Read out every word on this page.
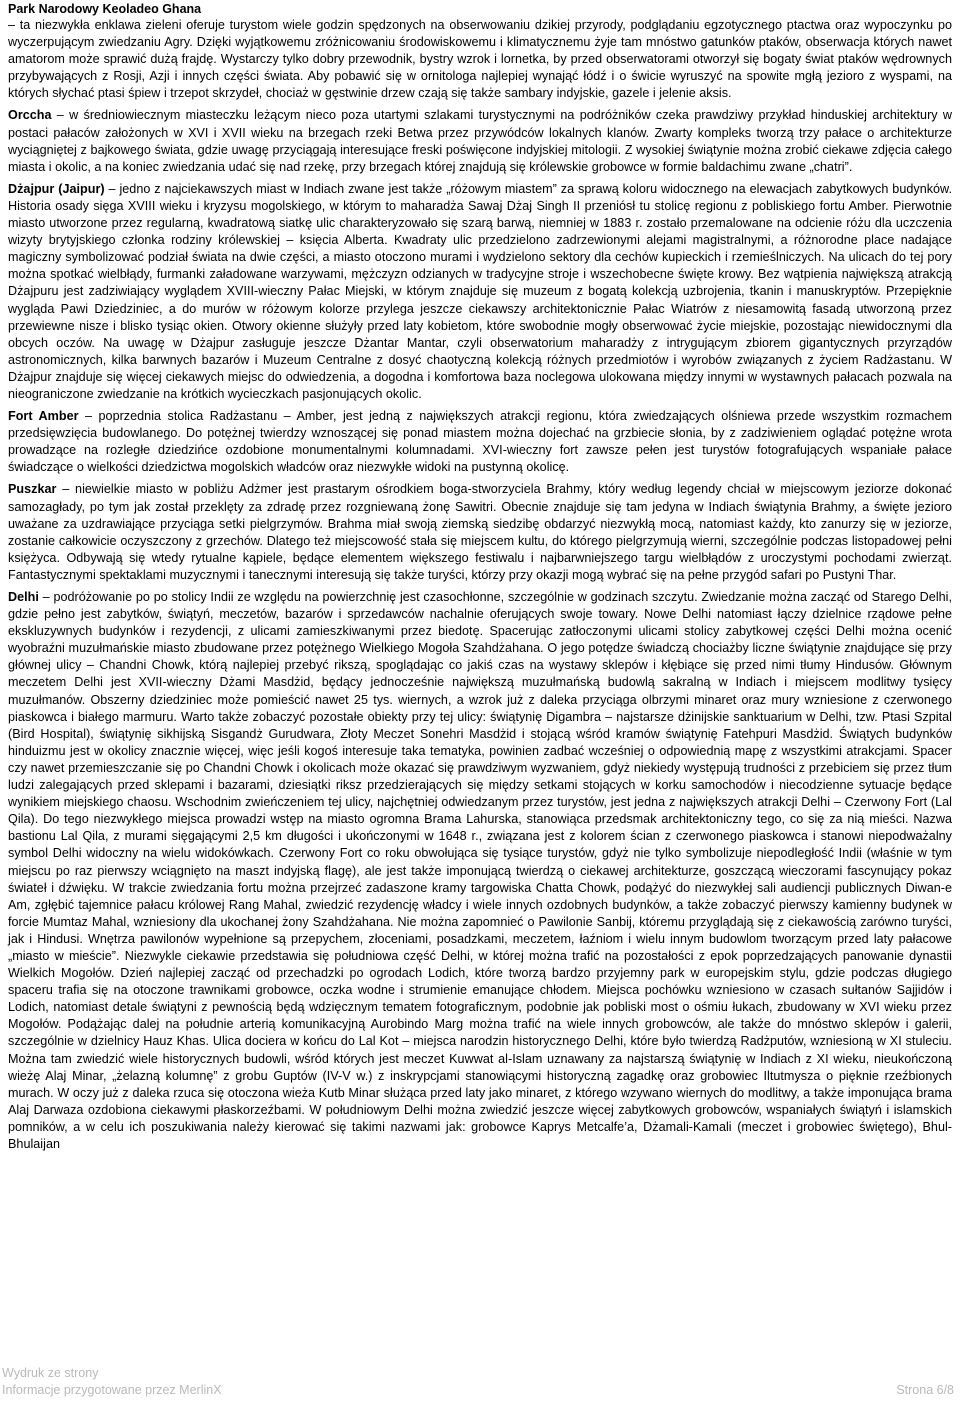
Park Narodowy Keoladeo Ghana

– ta niezwykła enklawa zieleni oferuje turystom wiele godzin spędzonych na obserwowaniu dzikiej przyrody, podglądaniu egzotycznego ptactwa oraz wypoczynku po wyczerpującym zwiedzaniu Agry. Dzięki wyjątkowemu zróżnicowaniu środowiskowemu i klimatycznemu żyje tam mnóstwo gatunków ptaków, obserwacja których nawet amatorom może sprawić dużą frajdę. Wystarczy tylko dobry przewodnik, bystry wzrok i lornetka, by przed obserwatorami otworzył się bogaty świat ptaków wędrownych przybywających z Rosji, Azji i innych części świata. Aby pobawić się w ornitologa najlepiej wynająć łódź i o świcie wyruszyć na spowite mgłą jezioro z wyspami, na których słychać ptasi śpiew i trzepot skrzydeł, chociaż w gęstwinie drzew czają się także sambary indyjskie, gazele i jelenie aksis.

Orccha – w średniowiecznym miasteczku leżącym nieco poza utartymi szlakami turystycznymi na podróżników czeka prawdziwy przykład hinduskiej architektury w postaci pałaców założonych w XVI i XVII wieku na brzegach rzeki Betwa przez przywódców lokalnych klanów. Zwarty kompleks tworzą trzy pałace o architekturze wyciągniętej z bajkowego świata, gdzie uwagę przyciągają interesujące freski poświęcone indyjskiej mitologii. Z wysokiej świątynie można zrobić ciekawe zdjęcia całego miasta i okolic, a na koniec zwiedzania udać się nad rzekę, przy brzegach której znajdują się królewskie grobowce w formie baldachimu zwane „chatri”.

Dżajpur (Jaipur) – jedno z najciekawszych miast w Indiach zwane jest także „różowym miastem” za sprawą koloru widocznego na elewacjach zabytkowych budynków. Historia osady sięga XVIII wieku i kryzysu mogolskiego, w którym to maharadża Sawaj Dżaj Singh II przeniósł tu stolicę regionu z pobliskiego fortu Amber. Pierwotnie miasto utworzone przez regularną, kwadratową siatkę ulic charakteryzowało się szarą barwą, niemniej w 1883 r. zostało przemalowane na odcienie różu dla uczczenia wizyty brytyjskiego członka rodziny królewskiej – księcia Alberta. Kwadraty ulic przedzielono zadrzewionymi alejami magistralnymi, a różnorodne place nadające magiczny symbolizować podział świata na dwie części, a miasto otoczono murami i wydzielono sektory dla cechów kupieckich i rzemieślniczych. Na ulicach do tej pory można spotkać wielbłądy, furmanki załadowane warzywami, mężczyzn odzianych w tradycyjne stroje i wszechobecne święte krowy. Bez wątpienia największą atrakcją Dżajpuru jest zadziwiający wyglądem XVIII-wieczny Pałac Miejski, w którym znajduje się muzeum z bogatą kolekcją uzbrojenia, tkanin i manuskryptów. Przepięknie wygląda Pawi Dziedziniec, a do murów w różowym kolorze przylega jeszcze ciekawszy architektonicznie Pałac Wiatrów z niesamowitą fasadą utworzoną przez przewiewne nisze i blisko tysiąc okien. Otwory okienne służyły przed laty kobietom, które swobodnie mogły obserwować życie miejskie, pozostając niewidocznymi dla obcych oczów. Na uwagę w Dżajpur zasługuje jeszcze Dżantar Mantar, czyli obserwatorium maharadży z intrygującym zbiorem gigantycznych przyrządów astronomicznych, kilka barwnych bazarów i Muzeum Centralne z dosyć chaotyczną kolekcją różnych przedmiotów i wyrobów związanych z życiem Radżastanu. W Dżajpur znajduje się więcej ciekawych miejsc do odwiedzenia, a dogodna i komfortowa baza noclegowa ulokowana między innymi w wystawnych pałacach pozwala na nieograniczone zwiedzanie na krótkich wycieczkach pasjonujących okolic.

Fort Amber – poprzednia stolica Radżastanu – Amber, jest jedną z największych atrakcji regionu, która zwiedzających olśniewa przede wszystkim rozmachem przedsięwzięcia budowlanego. Do potężnej twierdzy wznoszącej się ponad miastem można dojechać na grzbiecie słonia, by z zadziwieniem oglądać potężne wrota prowadzące na rozległe dziedzińce ozdobione monumentalnymi kolumnadami. XVI-wieczny fort zawsze pełen jest turystów fotografujących wspaniałe pałace świadczące o wielkości dziedzictwa mogolskich władców oraz niezwykłe widoki na pustynną okolicę.

Puszkar – niewielkie miasto w pobliżu Adżmer jest prastarym ośrodkiem boga-stworzyciela Brahmy, który według legendy chciał w miejscowym jeziorze dokonać samozagłady, po tym jak został przeklęty za zdradę przez rozgniewaną żonę Sawitri. Obecnie znajduje się tam jedyna w Indiach świątynia Brahmy, a święte jezioro uważane za uzdrawiające przyciąga setki pielgrzymów. Brahma miał swoją ziemską siedzibę obdarzyć niezwykłą mocą, natomiast każdy, kto zanurzy się w jeziorze, zostanie całkowicie oczyszczony z grzechów. Dlatego też miejscowość stała się miejscem kultu, do którego pielgrzymują wierni, szczególnie podczas listopadowej pełni księżyca. Odbywają się wtedy rytualne kąpiele, będące elementem większego festiwalu i najbarwniejszego targu wielbłądów z uroczystymi pochodami zwierząt. Fantastycznymi spektaklami muzycznymi i tanecznymi interesują się także turyści, którzy przy okazji mogą wybrać się na pełne przygód safari po Pustyni Thar.

Delhi – podróżowanie po po stolicy Indii ze względu na powierzchnię jest czasochłonne, szczególnie w godzinach szczytu. Zwiedzanie można zacząć od Starego Delhi, gdzie pełno jest zabytków, świątyń, meczetów, bazarów i sprzedawców nachalnie oferujących swoje towary. Nowe Delhi natomiast łączy dzielnice rządowe pełne ekskluzywnych budynków i rezydencji, z ulicami zamieszkiwanymi przez biedotę. Spacerując zatłoczonymi ulicami stolicy zabytkowej części Delhi można ocenić wyobraźni muzułmańskie miasto zbudowane przez potężnego Wielkiego Mogoła Szahdżahana. O jego potędze świadczą chociażby liczne świątynie znajdujące się przy głównej ulicy – Chandni Chowk, którą najlepiej przebyć rikszą, spoglądając co jakiś czas na wystawy sklepów i kłębiące się przed nimi tłumy Hindusów. Głównym meczetem Delhi jest XVII-wieczny Dżami Masdżid, będący jednocześnie największą muzułmańską budowlą sakralną w Indiach i miejscem modlitwy tysięcy muzułmanów. Obszerny dziedziniec może pomieścić nawet 25 tys. wiernych, a wzrok już z daleka przyciąga olbrzymi minaret oraz mury wzniesione z czerwonego piaskowca i białego marmuru. Warto także zobaczyć pozostałe obiekty przy tej ulicy: świątynię Digambra – najstarsze dżinijskie sanktuarium w Delhi, tzw. Ptasi Szpital (Bird Hospital), świątynię sikhijską Sisgandż Gurudwara, Złoty Meczet Sonehri Masdżid i stojącą wśród kramów świątynię Fatehpuri Masdżid. Świątych budynków hinduizmu jest w okolicy znacznie więcej, więc jeśli kogoś interesuje taka tematyka, powinien zadbać wcześniej o odpowiednią mapę z wszystkimi atrakcjami. Spacer czy nawet przemieszczanie się po Chandni Chowk i okolicach może okazać się prawdziwym wyzwaniem, gdyż niekiedy występują trudności z przebiciem się przez tłum ludzi zalegających przed sklepami i bazarami, dziesiątki riksz przedzierających się między setkami stojących w korku samochodów i niecodzienne sytuacje będące wynikiem miejskiego chaosu. Wschodnim zwieńczeniem tej ulicy, najchętniej odwiedzanym przez turystów, jest jedna z największych atrakcji Delhi – Czerwony Fort (Lal Qila). Do tego niezwykłego miejsca prowadzi wstęp na miasto ogromna Brama Lahurska, stanowiąca przedsmak architektoniczny tego, co się za nią mieści. Nazwa bastionu Lal Qila, z murami sięgającymi 2,5 km długości i ukończonymi w 1648 r., związana jest z kolorem ścian z czerwonego piaskowca i stanowi niepodważalny symbol Delhi widoczny na wielu widokówkach. Czerwony Fort co roku obwołująca się tysiące turystów, gdyż nie tylko symbolizuje niepodległość Indii (właśnie w tym miejscu po raz pierwszy wciągnięto na maszt indyjską flagę), ale jest także imponującą twierdzą o ciekawej architekturze, goszczącą wieczorami fascynujący pokaz świateł i dźwięku. W trakcie zwiedzania fortu można przejrzeć zadaszone kramy targowiska Chatta Chowk, podążyć do niezwykłej sali audiencji publicznych Diwan-e Am, zgłębić tajemnice pałacu królowej Rang Mahal, zwiedzić rezydencję władcy i wiele innych ozdobnych budynków, a także zobaczyć pierwszy kamienny budynek w forcie Mumtaz Mahal, wzniesiony dla ukochanej żony Szahdżahana. Nie można zapomnieć o Pawilonie Sanbij, któremu przyglądają się z ciekawością zarówno turyści, jak i Hindusi. Wnętrza pawilonów wypełnione są przepychem, złoceniami, posadzkami, meczetem, łaźniom i wielu innym budowlom tworzącym przed laty pałacowe „miasto w mieście”. Niezwykle ciekawie przedstawia się południowa część Delhi, w której można trafić na pozostałości z epok poprzedzających panowanie dynastii Wielkich Mogołów. Dzień najlepiej zacząć od przechadzki po ogrodach Lodich, które tworzą bardzo przyjemny park w europejskim stylu, gdzie podczas długiego spaceru trafia się na otoczone trawnikami grobowce, oczka wodne i strumienie emanujące chłodem. Miejsca pochówku wzniesiono w czasach sułtanów Sajjidów i Lodich, natomiast detale świątyni z pewnością będą wdzięcznym tematem fotograficznym, podobnie jak pobliski most o ośmiu łukach, zbudowany w XVI wieku przez Mogołów. Podążając dalej na południe arterią komunikacyjną Aurobindo Marg można trafić na wiele innych grobowców, ale także do mnóstwo sklepów i galerii, szczególnie w dzielnicy Hauz Khas. Ulica dociera w końcu do Lal Kot – miejsca narodzin historycznego Delhi, które było twierdzą Radżputów, wzniesioną w XI stuleciu. Można tam zwiedzić wiele historycznych budowli, wśród których jest meczet Kuwwat al-Islam uznawany za najstarszą świątynię w Indiach z XI wieku, nieukończoną wieżę Alaj Minar, „żelazną kolumnę” z grobu Guptów (IV-V w.) z inskrypcjami stanowiącymi historyczną zagadkę oraz grobowiec Iltutmysza o pięknie rzeźbionych murach. W oczy już z daleka rzuca się otoczona wieża Kutb Minar służąca przed laty jako minaret, z którego wzywano wiernych do modlitwy, a także imponująca brama Alaj Darwaza ozdobiona ciekawymi płaskorzeźbami. W południowym Delhi można zwiedzić jeszcze więcej zabytkowych grobowców, wspaniałych świątyń i islamskich pomników, a w celu ich poszukiwania należy kierować się takimi nazwami jak: grobowce Kaprys Metcalfe’a, Dżamali-Kamali (meczet i grobowiec świętego), Bhul-Bhulaijan

Wydruk ze strony
Informacje przygotowane przez MerlinX	Strona 6/8
